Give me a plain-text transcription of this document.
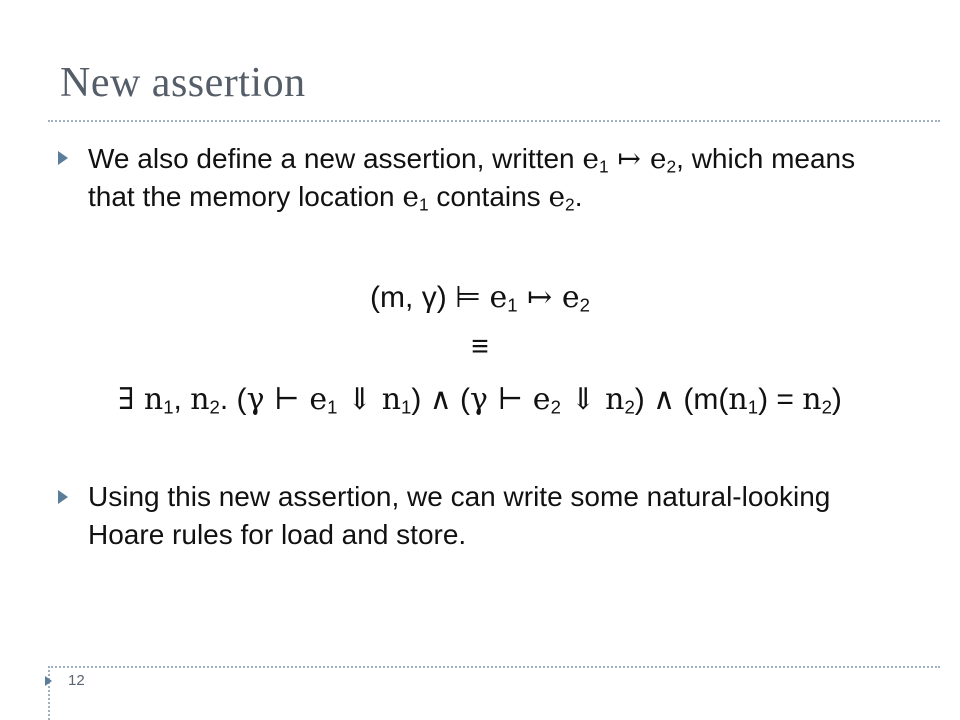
New assertion
We also define a new assertion, written $e_1$ ↦ $e_2$, which means that the memory location $e_1$ contains $e_2$.
(m, γ) ⊨ $e_1$ ↦ $e_2$
≡
∃ $n_1$, $n_2$. (γ ⊢ $e_1$ ⇓ $n_1$) ∧ (γ ⊢ $e_2$ ⇓ $n_2$) ∧ $(m(n_1) = n_2)$
Using this new assertion, we can write some natural-looking Hoare rules for load and store.
12
